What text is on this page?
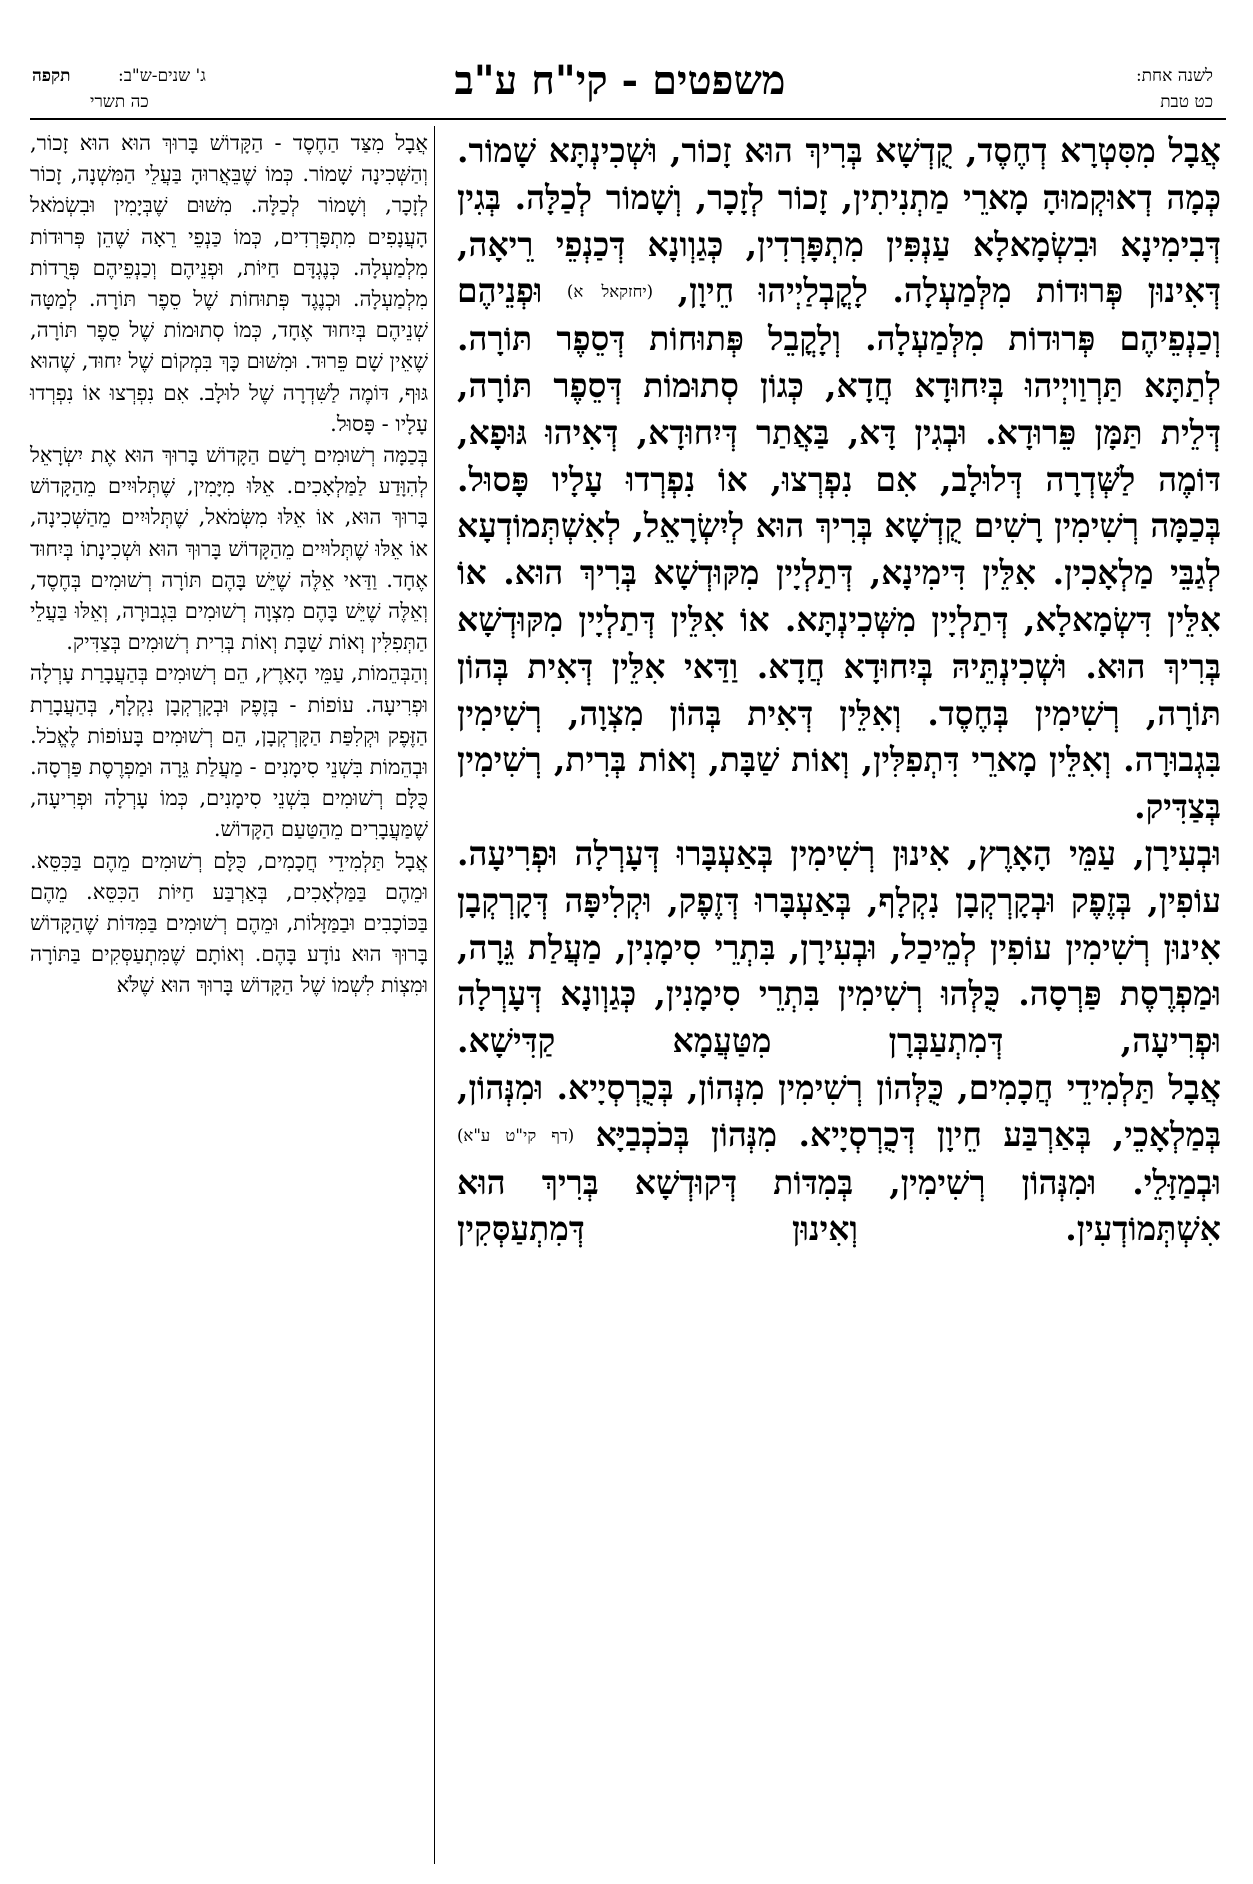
לשנה אחת:
כט טבת
משפטים - קי"ח ע"ב
תקפה	ג' שנים-ש"ב:
כה תשרי

אֲבָל מִסִּטְרָא דְחֶסֶד, קֻדְשָׁא בְּרִיךְ הוּא זָכוֹר, וּשְׁכִינְתָּא שָׁמוֹר. כְּמָה דְאוּקְמוּהָ מָארֵי מַתְנִיתִין, זָכוֹר לְזָכָר, וְשָׁמוֹר לְכַלָּה. בְּגִין דְּבִימִינָא וּבִשְׂמָאלָא עַנְפִּין מִתְפָּרְדִין, כְּגַוְונָא דְּכַנְפֵי רֵיאָה, דְּאִינוּן פְּרוּדוֹת מִלְּמַעְלָה. לָקֳבְלַיְיהוּ חֵיוָן, (יחזקאל א) וּפְנֵיהֶם וְכַנְפֵיהֶם פְּרוּדוֹת מִלְּמַעְלָה. וְלָקֳבֵל פְּתוּחוֹת דְּסֵפֶר תּוֹרָה. לְתַתָּא תַּרְוַויְיהוּ בְּיִחוּדָא חֲדָא, כְּגוֹן סְתוּמוֹת דְּסֵפֶר תּוֹרָה, דְּלֵית תַּמָּן פֵּרוּדָא. וּבְגִין דָּא, בַּאֲתַר דְּיִחוּדָא, דְּאִיהוּ גּוּפָא, דּוֹמֶה לַשְּׁדְרָה דְּלוּלָב, אִם נִפְרְצוּ, אוֹ נִפְרְדוּ עָלָיו פָּסוּל.

בְּכַמָּה רְשִׁימִין רָשִׁים קֻדְשָׁא בְּרִיךְ הוּא לְיִשְׂרָאֵל, לְאִשְׁתְּמוֹדְעָא לְגַבֵּי מַלְאָכִין. אִלֵּין דִּימִינָא, דְּתַלְיָין מִקּוּדְשָׁא בְּרִיךְ הוּא. אוֹ אִלֵּין דִּשְׂמָאלָא, דְּתַלְיָין מִשְּׁכִינְתָּא. אוֹ אִלֵּין דְּתַלְיָין מִקּוּדְשָׁא בְּרִיךְ הוּא. וּשְׁכִינְתֵּיהּ בְּיִחוּדָא חֲדָא. וַדַּאי אִלֵּין דְּאִית בְּהוֹן תּוֹרָה, רְשִׁימִין בְּחֶסֶד. וְאִלֵּין דְּאִית בְּהוֹן מִצְוָה, רְשִׁימִין בִּגְבוּרָה. וְאִלֵּין מָארֵי דִּתְפִלִּין, וְאוֹת שַׁבָּת, וְאוֹת בְּרִית, רְשִׁימִין בְּצַדִּיק.

וּבְעִירָן, עַמֵּי הָאָרֶץ, אִינוּן רְשִׁימִין בְּאַעְבָּרוּ דְּעָרְלָה וּפְרִיעָה. עוֹפִין, בְּזֶפֶק וּבְקָרְקְבָן נִקְלָף, בְּאַעְבָּרוּ דְּזֶפֶק, וּקְלִיפָּה דְּקָרְקְבָן אִינוּן רְשִׁימִין עוֹפִין לְמֵיכַל, וּבְעִירָן, בִּתְרֵי סִימָנִין, מַעֲלַת גֵּרָה, וּמַפְרֶסֶת פַּרְסָה. כֻּלְּהוּ רְשִׁימִין בִּתְרֵי סִימָנִין, כְּגַוְונָא דְּעָרְלָה וּפְרִיעָה, דְּמִתְעַבְּרָן מִטַּעֲמָא קַדִּישָׁא.

אֲבָל תַּלְמִידֵי חֲכָמִים, כֻּלְּהוֹן רְשִׁימִין מִנְּהוֹן, בְּכֻרְסְיָיא. וּמִנְּהוֹן, בְּמַלְאָכֵי, בְּאַרְבַּע חֵיוָן דְּכֻרְסְיָיא. מִנְּהוֹן בְּכֹכְבַיָּא (דף קי"ט ע"א) וּבְמַזָּלֵי. וּמִנְּהוֹן רְשִׁימִין, בְּמִדּוֹת דְּקוּדְשָׁא בְּרִיךְ הוּא אִשְׁתְּמוֹדְעִין. וְאִינוּן דְּמִתְעַסְּקִין

אֲבָל מִצַּד הַחֶסֶד - הַקָּדוֹשׁ בָּרוּךְ הוּא הוּא זָכוֹר, וְהַשְּׁכִינָה שָׁמוֹר. כְּמוֹ שֶׁבֵּאֲרוּהָ בַּעֲלֵי הַמִּשְׁנָה, זָכוֹר לְזָכָר, וְשָׁמוֹר לְכַלָּה. מִשּׁוּם שֶׁבְּיָמִין וּבִשְׂמֹאל הָעֲנָפִים מִתְפָּרְדִים, כְּמוֹ כַּנְפֵי רֵאָה שֶׁהֵן פְּרוּדוֹת מִלְמַעְלָה. כְּנֶגְדָּם חַיּוֹת, וּפְנֵיהֶם וְכַנְפֵיהֶם פְּרֻדוֹת מִלְמַעְלָה. וּכְנֶגֶד פְּתוּחוֹת שֶׁל סֵפֶר תּוֹרָה. לְמַטָּה שְׁנֵיהֶם בְּיִחוּד אֶחָד, כְּמוֹ סְתוּמוֹת שֶׁל סֵפֶר תּוֹרָה, שֶׁאֵין שָׁם פֵּרוּד. וּמִשּׁוּם כָּךְ בִּמְקוֹם שֶׁל יִחוּד, שֶׁהוּא גּוּף, דּוֹמֶה לַשִּׁדְרָה שֶׁל לוּלָב. אִם נִפְרְצוּ אוֹ נִפְרְדוּ עָלָיו - פָּסוּל.

בְּכַמָּה רְשׁוּמִים רָשַׁם הַקָּדוֹשׁ בָּרוּךְ הוּא אֶת יִשְׂרָאֵל לְהִוָּדַע לַמַּלְאָכִים. אֵלּוּ מִיָּמִין, שֶׁתְּלוּיִים מֵהַקָּדוֹשׁ בָּרוּךְ הוּא, אוֹ אֵלּוּ מִשְּׂמֹאל, שֶׁתְּלוּיִים מֵהַשְּׁכִינָה, אוֹ אֵלּוּ שֶׁתְּלוּיִים מֵהַקָּדוֹשׁ בָּרוּךְ הוּא וּשְׁכִינָתוֹ בְּיִחוּד אֶחָד. וַדַּאי אֵלֶּה שֶׁיֵּשׁ בָּהֶם תּוֹרָה רְשׁוּמִים בְּחֶסֶד, וְאֵלֶּה שֶׁיֵּשׁ בָּהֶם מִצְוָה רְשׁוּמִים בִּגְבוּרָה, וְאֵלּוּ בַּעֲלֵי הַתְּפִלִּין וְאוֹת שַׁבָּת וְאוֹת בְּרִית רְשׁוּמִים בְּצַדִּיק.

וְהַבְּהֵמוֹת, עַמֵּי הָאָרֶץ, הֵם רְשׁוּמִים בְּהַעֲבָרַת עָרְלָה וּפְרִיעָה. עוֹפוֹת - בְּזֶפֶק וּבְקָרְקְבָן נִקְלָף, בְּהַעֲבָרַת הַזֶּפֶק וּקְלִפַּת הַקָּרְקְבָן, הֵם רְשׁוּמִים בָּעוֹפוֹת לֶאֱכֹל. וּבְהֵמוֹת בִּשְׁנֵי סִימָנִים - מַעֲלַת גֵּרָה וּמַפְרֶסֶת פַּרְסָה. כֻּלָּם רְשׁוּמִים בִּשְׁנֵי סִימָנִים, כְּמוֹ עָרְלָה וּפְרִיעָה, שֶׁמַּעֲבָרִים מֵהַטַּעַם הַקָּדוֹשׁ.

אֲבָל תַּלְמִידֵי חֲכָמִים, כֻּלָּם רְשׁוּמִים מֵהֶם בַּכִּסֵּא. וּמֵהֶם בַּמַּלְאָכִים, בְּאַרְבַּע חַיּוֹת הַכִּסֵּא. מֵהֶם בַּכּוֹכָבִים וּבַמַּזָּלוֹת, וּמֵהֶם רְשׁוּמִים בַּמִּדּוֹת שֶׁהַקָּדוֹשׁ בָּרוּךְ הוּא נוֹדָע בָּהֶם. וְאוֹתָם שֶׁמִּתְעַסְּקִים בַּתּוֹרָה וּמִצְוֹת לִשְׁמוֹ שֶׁל הַקָּדוֹשׁ בָּרוּךְ הוּא שֶׁלֹּא
